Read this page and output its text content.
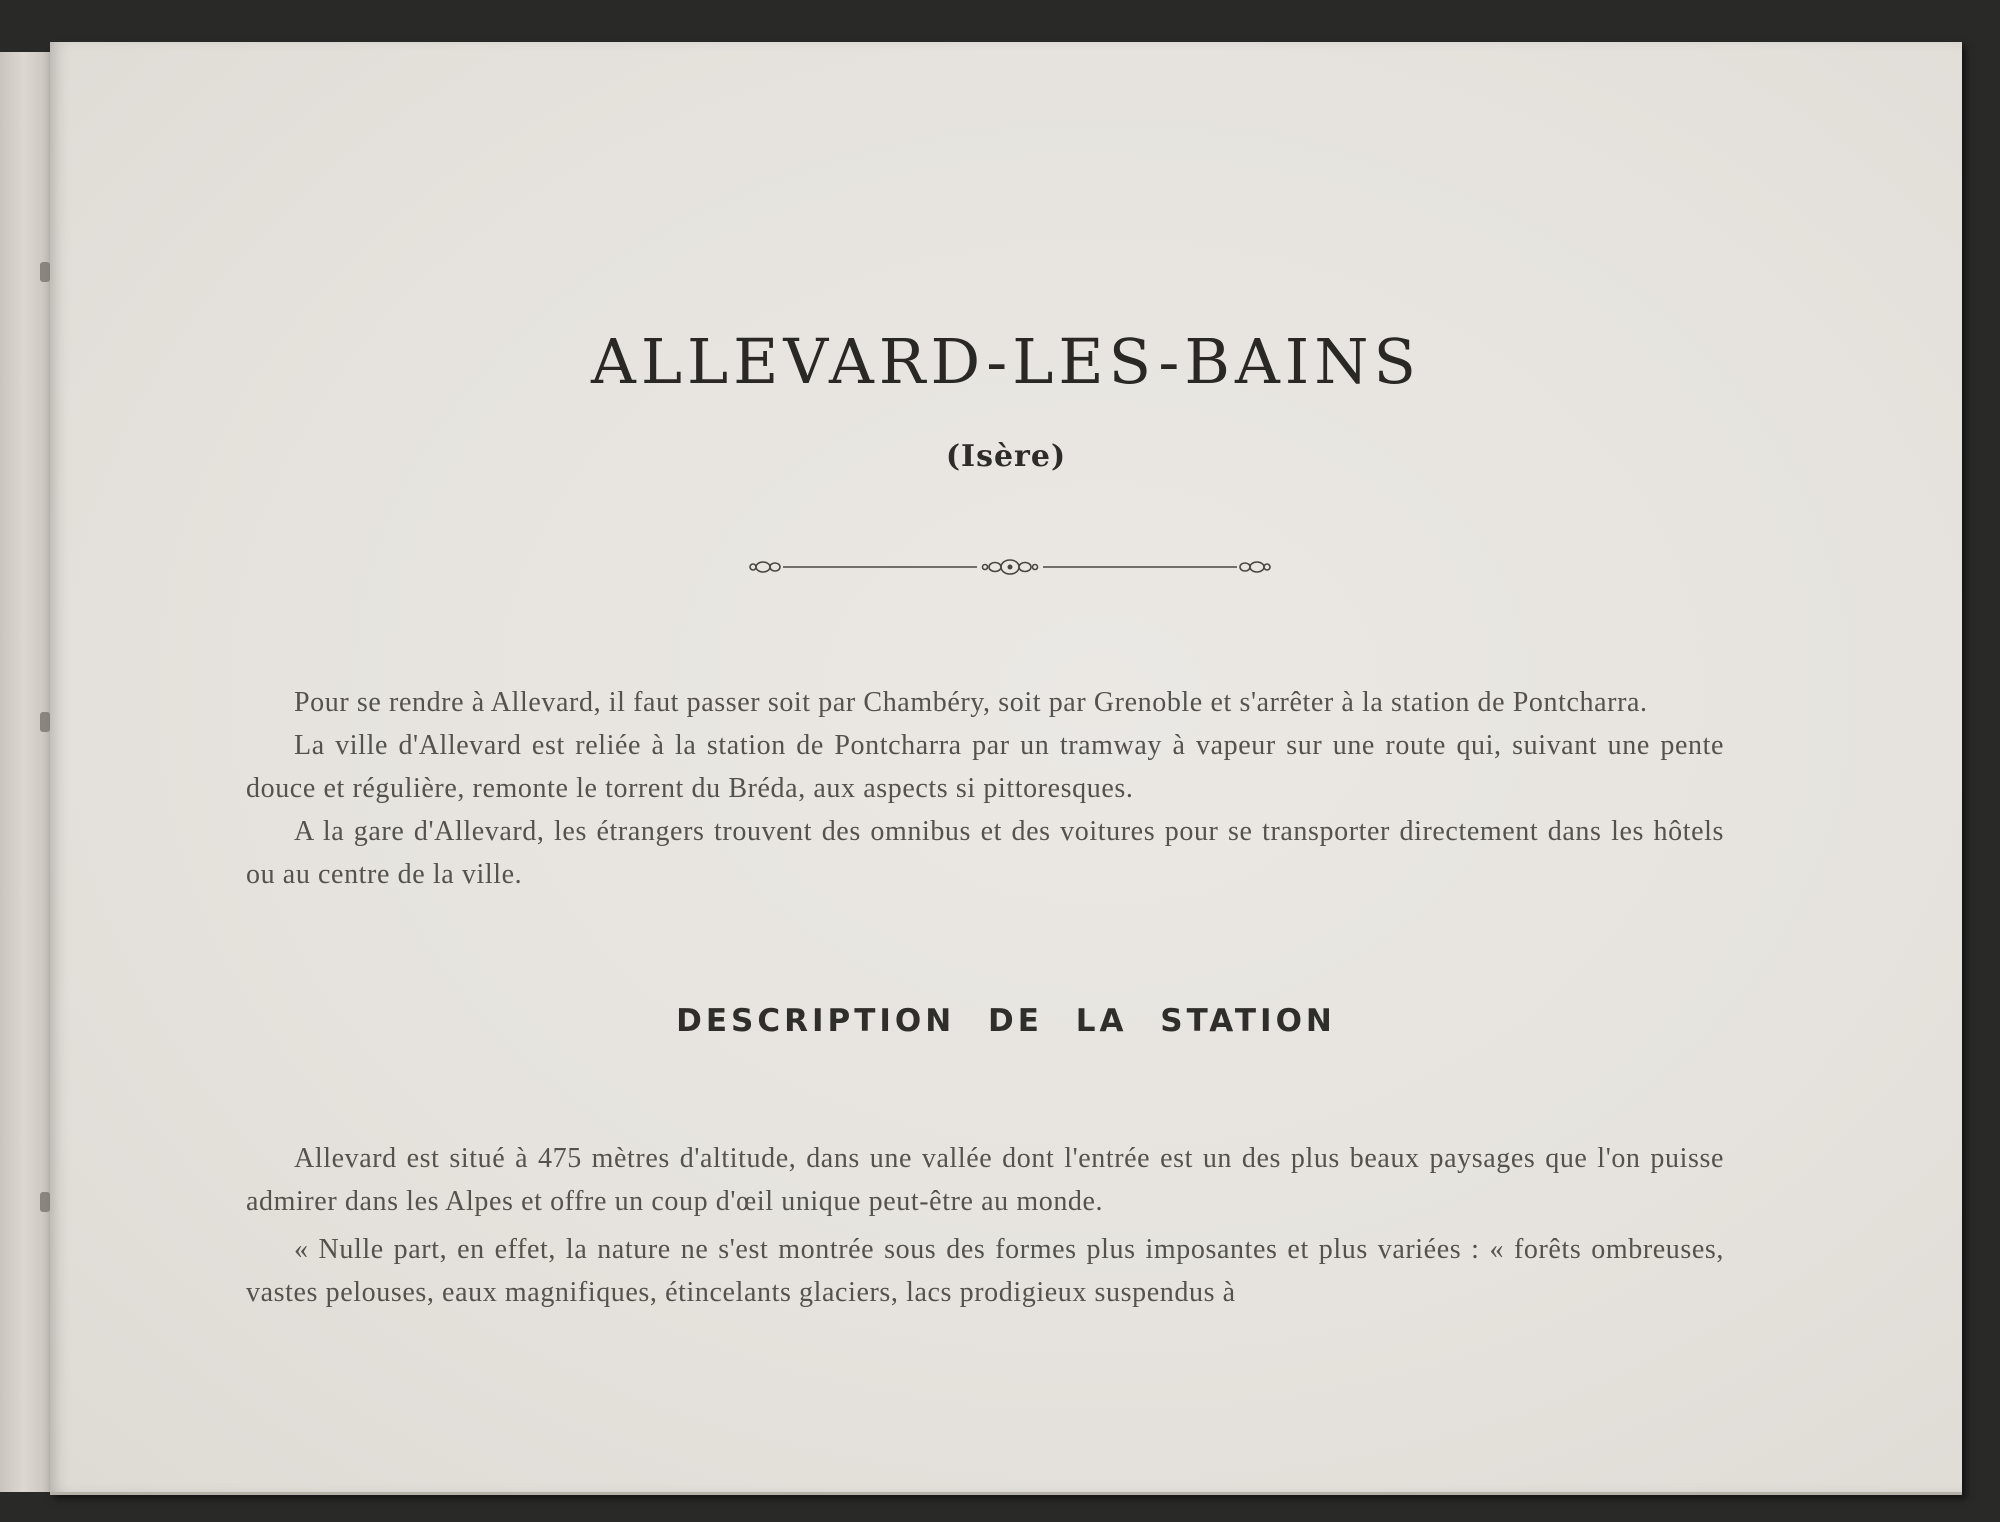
ALLEVARD-LES-BAINS
(Isère)

Pour se rendre à Allevard, il faut passer soit par Chambéry, soit par Grenoble et s'arrêter à la station de Pontcharra.

La ville d'Allevard est reliée à la station de Pontcharra par un tramway à vapeur sur une route qui, suivant une pente douce et régulière, remonte le torrent du Bréda, aux aspects si pittoresques.

A la gare d'Allevard, les étrangers trouvent des omnibus et des voitures pour se transporter directement dans les hôtels ou au centre de la ville.

DESCRIPTION DE LA STATION

Allevard est situé à 475 mètres d'altitude, dans une vallée dont l'entrée est un des plus beaux paysages que l'on puisse admirer dans les Alpes et offre un coup d'œil unique peut-être au monde.

« Nulle part, en effet, la nature ne s'est montrée sous des formes plus imposantes et plus variées : « forêts ombreuses, vastes pelouses, eaux magnifiques, étincelants glaciers, lacs prodigieux suspendus à
